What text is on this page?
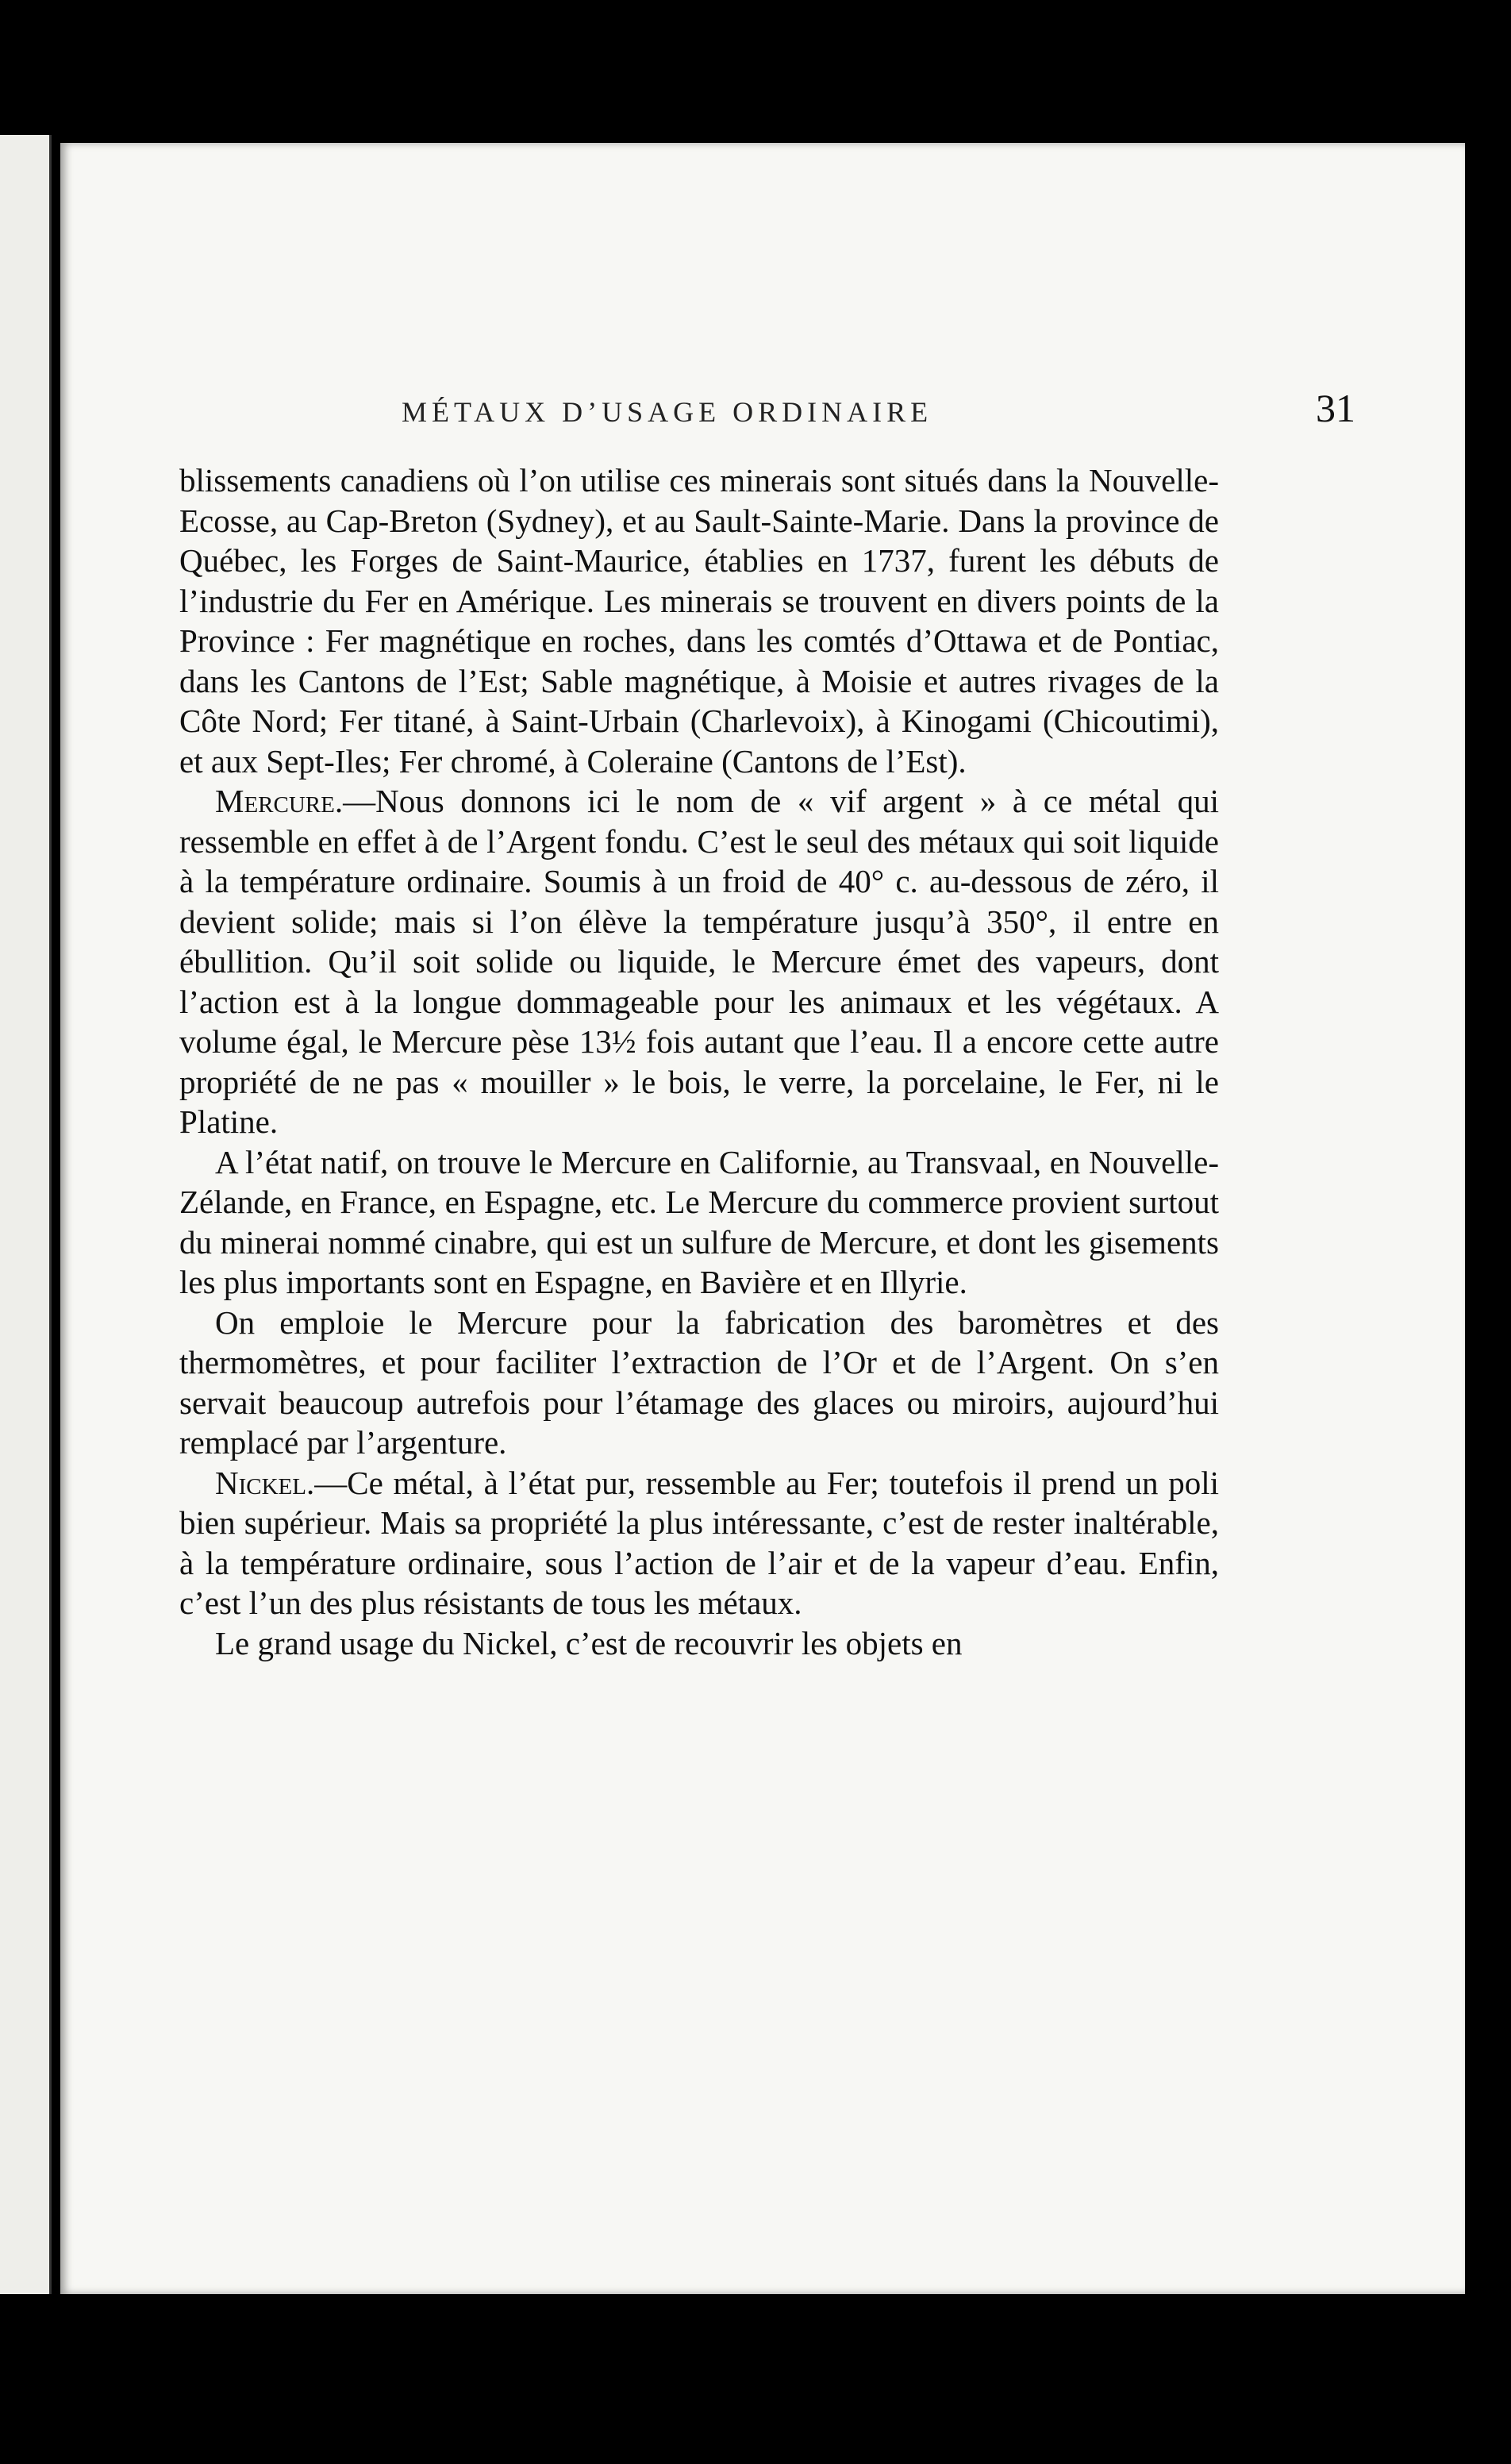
MÉTAUX D’USAGE ORDINAIRE	31

blissements canadiens où l’on utilise ces minerais sont situés dans la Nouvelle-Ecosse, au Cap-Breton (Sydney), et au Sault-Sainte-Marie. Dans la province de Québec, les Forges de Saint-Maurice, établies en 1737, furent les débuts de l’industrie du Fer en Amérique. Les minerais se trouvent en divers points de la Province : Fer magnétique en roches, dans les comtés d’Ottawa et de Pontiac, dans les Cantons de l’Est; Sable magnétique, à Moisie et autres rivages de la Côte Nord; Fer titané, à Saint-Urbain (Charlevoix), à Kinogami (Chicoutimi), et aux Sept-Iles; Fer chromé, à Coleraine (Cantons de l’Est).

Mercure.—Nous donnons ici le nom de « vif argent » à ce métal qui ressemble en effet à de l’Argent fondu. C’est le seul des métaux qui soit liquide à la température ordinaire. Soumis à un froid de 40° c. au-dessous de zéro, il devient solide; mais si l’on élève la température jusqu’à 350°, il entre en ébullition. Qu’il soit solide ou liquide, le Mercure émet des vapeurs, dont l’action est à la longue dommageable pour les animaux et les végétaux. A volume égal, le Mercure pèse 13½ fois autant que l’eau. Il a encore cette autre propriété de ne pas « mouiller » le bois, le verre, la porcelaine, le Fer, ni le Platine.

A l’état natif, on trouve le Mercure en Californie, au Transvaal, en Nouvelle-Zélande, en France, en Espagne, etc. Le Mercure du commerce provient surtout du minerai nommé cinabre, qui est un sulfure de Mercure, et dont les gisements les plus importants sont en Espagne, en Bavière et en Illyrie.

On emploie le Mercure pour la fabrication des baromètres et des thermomètres, et pour faciliter l’extraction de l’Or et de l’Argent. On s’en servait beaucoup autrefois pour l’étamage des glaces ou miroirs, aujourd’hui remplacé par l’argenture.

Nickel.—Ce métal, à l’état pur, ressemble au Fer; toutefois il prend un poli bien supérieur. Mais sa propriété la plus intéressante, c’est de rester inaltérable, à la température ordinaire, sous l’action de l’air et de la vapeur d’eau. Enfin, c’est l’un des plus résistants de tous les métaux.

Le grand usage du Nickel, c’est de recouvrir les objets en
